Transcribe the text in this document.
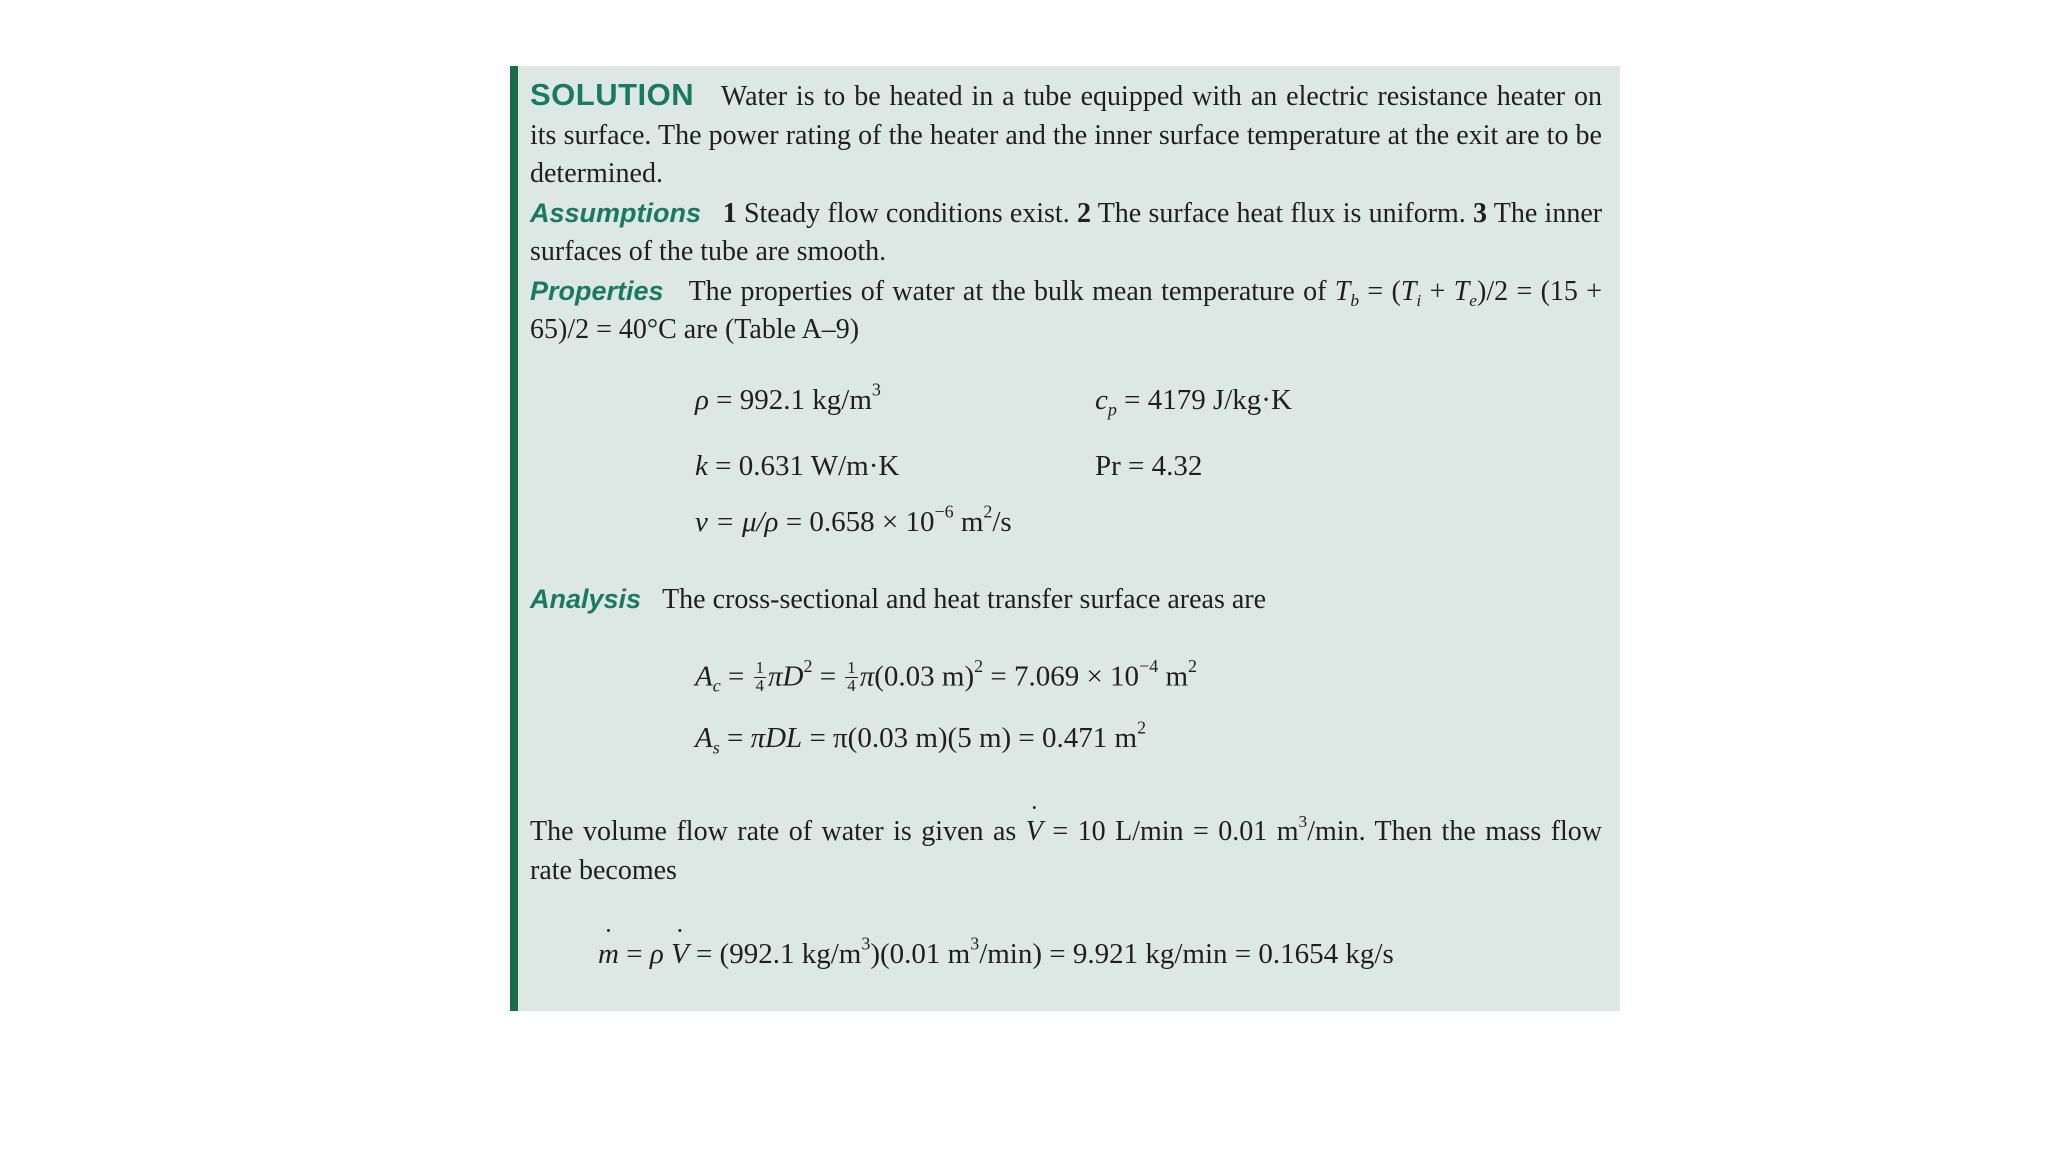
SOLUTION Water is to be heated in a tube equipped with an electric resistance heater on its surface. The power rating of the heater and the inner surface temperature at the exit are to be determined.

Assumptions 1 Steady flow conditions exist. 2 The surface heat flux is uniform. 3 The inner surfaces of the tube are smooth.

Properties The properties of water at the bulk mean temperature of $T_b = (T_i + T_e)/2 = (15 + 65)/2 = 40^\circ C$ are (Table A–9)

ρ = 992.1 $kg/m^3$	$c_p = 4179$ J/kg·K
k = 0.631 W/m·K	Pr = 4.32
$\nu = \mu/\rho = 0.658 \times 10^{-6}$ $m^2/s$
Analysis The cross-sectional and heat transfer surface areas are
$A_c = \frac{1}{4} \pi D^2 = \frac{1}{4} \pi(0.03$ $m)^2 = 7.069 \times 10^{-4}$ $m^2$
$A_s = \pi DL = \pi(0.03$ m)(5 m) = 0.471 $m^2$

The volume flow rate of water is given as ˙ V = 10 L/min = 0.01 $m^3/\min$. Then the mass flow rate becomes

˙ m = ρ ˙ V = (992.1 $kg/m^3)(0.01$ $m^3/\min) = 9.921$ kg/min = 0.1654 kg/s
